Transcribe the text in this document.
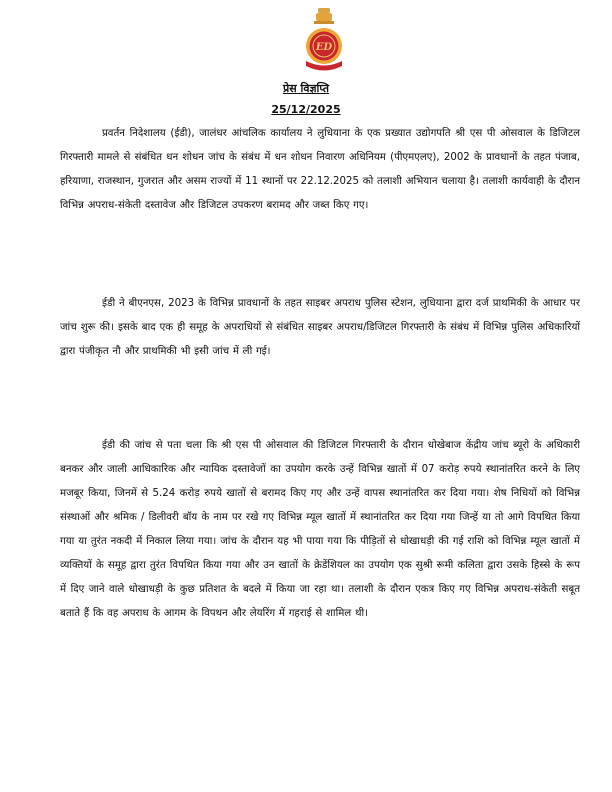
ED
प्रेस विज्ञप्ति
25/12/2025

प्रवर्तन निदेशालय (ईडी), जालंधर आंचलिक कार्यालय ने लुधियाना के एक प्रख्यात उद्योगपति श्री एस पी ओसवाल के डिजिटल गिरफ्तारी मामले से संबंधित धन शोधन जांच के संबंध में धन शोधन निवारण अधिनियम (पीएमएलए), 2002 के प्रावधानों के तहत पंजाब, हरियाणा, राजस्थान, गुजरात और असम राज्यों में 11 स्थानों पर 22.12.2025 को तलाशी अभियान चलाया है। तलाशी कार्यवाही के दौरान विभिन्न अपराध-संकेती दस्तावेज और डिजिटल उपकरण बरामद और जब्त किए गए।

ईडी ने बीएनएस, 2023 के विभिन्न प्रावधानों के तहत साइबर अपराध पुलिस स्टेशन, लुधियाना द्वारा दर्ज प्राथमिकी के आधार पर जांच शुरू की। इसके बाद एक ही समूह के अपराधियों से संबंधित साइबर अपराध/डिजिटल गिरफ्तारी के संबंध में विभिन्न पुलिस अधिकारियों द्वारा पंजीकृत नौ और प्राथमिकी भी इसी जांच में ली गई।

ईडी की जांच से पता चला कि श्री एस पी ओसवाल की डिजिटल गिरफ्तारी के दौरान धोखेबाज केंद्रीय जांच ब्यूरो के अधिकारी बनकर और जाली आधिकारिक और न्यायिक दस्तावेजों का उपयोग करके उन्हें विभिन्न खातों में 07 करोड़ रुपये स्थानांतरित करने के लिए मजबूर किया, जिनमें से 5.24 करोड़ रुपये खातों से बरामद किए गए और उन्हें वापस स्थानांतरित कर दिया गया। शेष निधियों को विभिन्न संस्थाओं और श्रमिक / डिलीवरी बॉय के नाम पर रखे गए विभिन्न म्यूल खातों में स्थानांतरित कर दिया गया जिन्हें या तो आगे विपथित किया गया या तुरंत नकदी में निकाल लिया गया। जांच के दौरान यह भी पाया गया कि पीड़ितों से धोखाधड़ी की गई राशि को विभिन्न म्यूल खातों में व्यक्तियों के समूह द्वारा तुरंत विपथित किया गया और उन खातों के क्रेडेंशियल का उपयोग एक सुश्री रूमी कलिता द्वारा उसके हिस्से के रूप में दिए जाने वाले धोखाधड़ी के कुछ प्रतिशत के बदले में किया जा रहा था। तलाशी के दौरान एकत्र किए गए विभिन्न अपराध-संकेती सबूत बताते हैं कि वह अपराध के आगम के विपथन और लेयरिंग में गहराई से शामिल थी।
